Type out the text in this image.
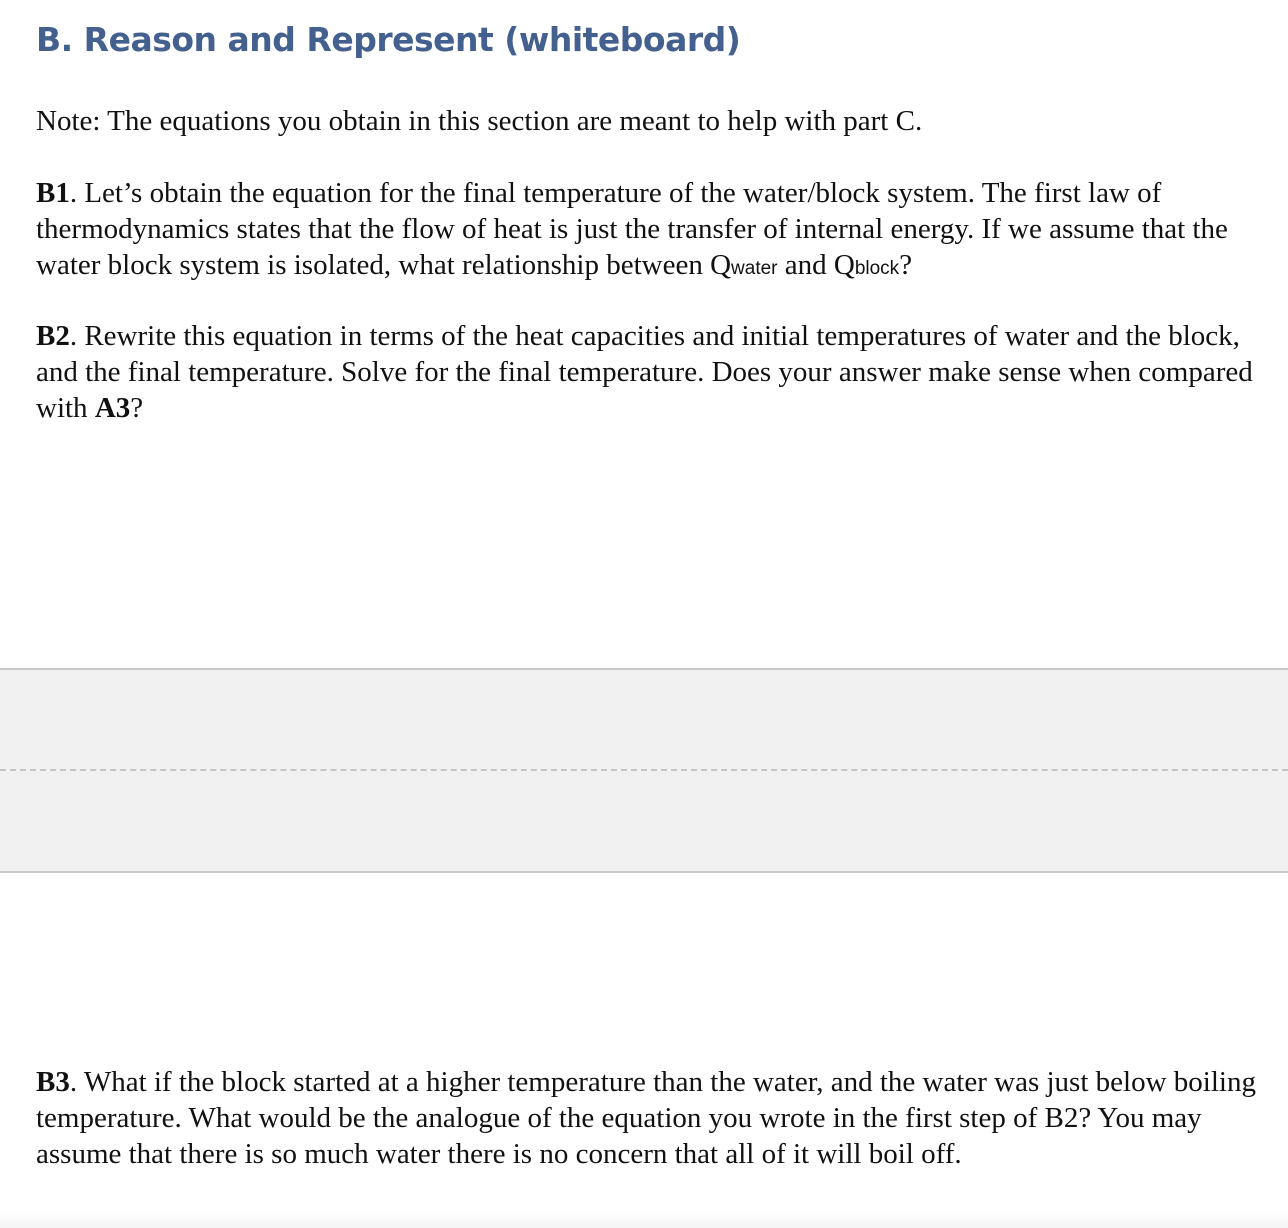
B. Reason and Represent (whiteboard)

Note: The equations you obtain in this section are meant to help with part C.

B1. Let’s obtain the equation for the final temperature of the water/block system. The first law of thermodynamics states that the flow of heat is just the transfer of internal energy. If we assume that the water block system is isolated, what relationship between Qwater and Qblock?

B2. Rewrite this equation in terms of the heat capacities and initial temperatures of water and the block, and the final temperature. Solve for the final temperature. Does your answer make sense when compared with A3?

B3. What if the block started at a higher temperature than the water, and the water was just below boiling temperature. What would be the analogue of the equation you wrote in the first step of B2? You may assume that there is so much water there is no concern that all of it will boil off.
